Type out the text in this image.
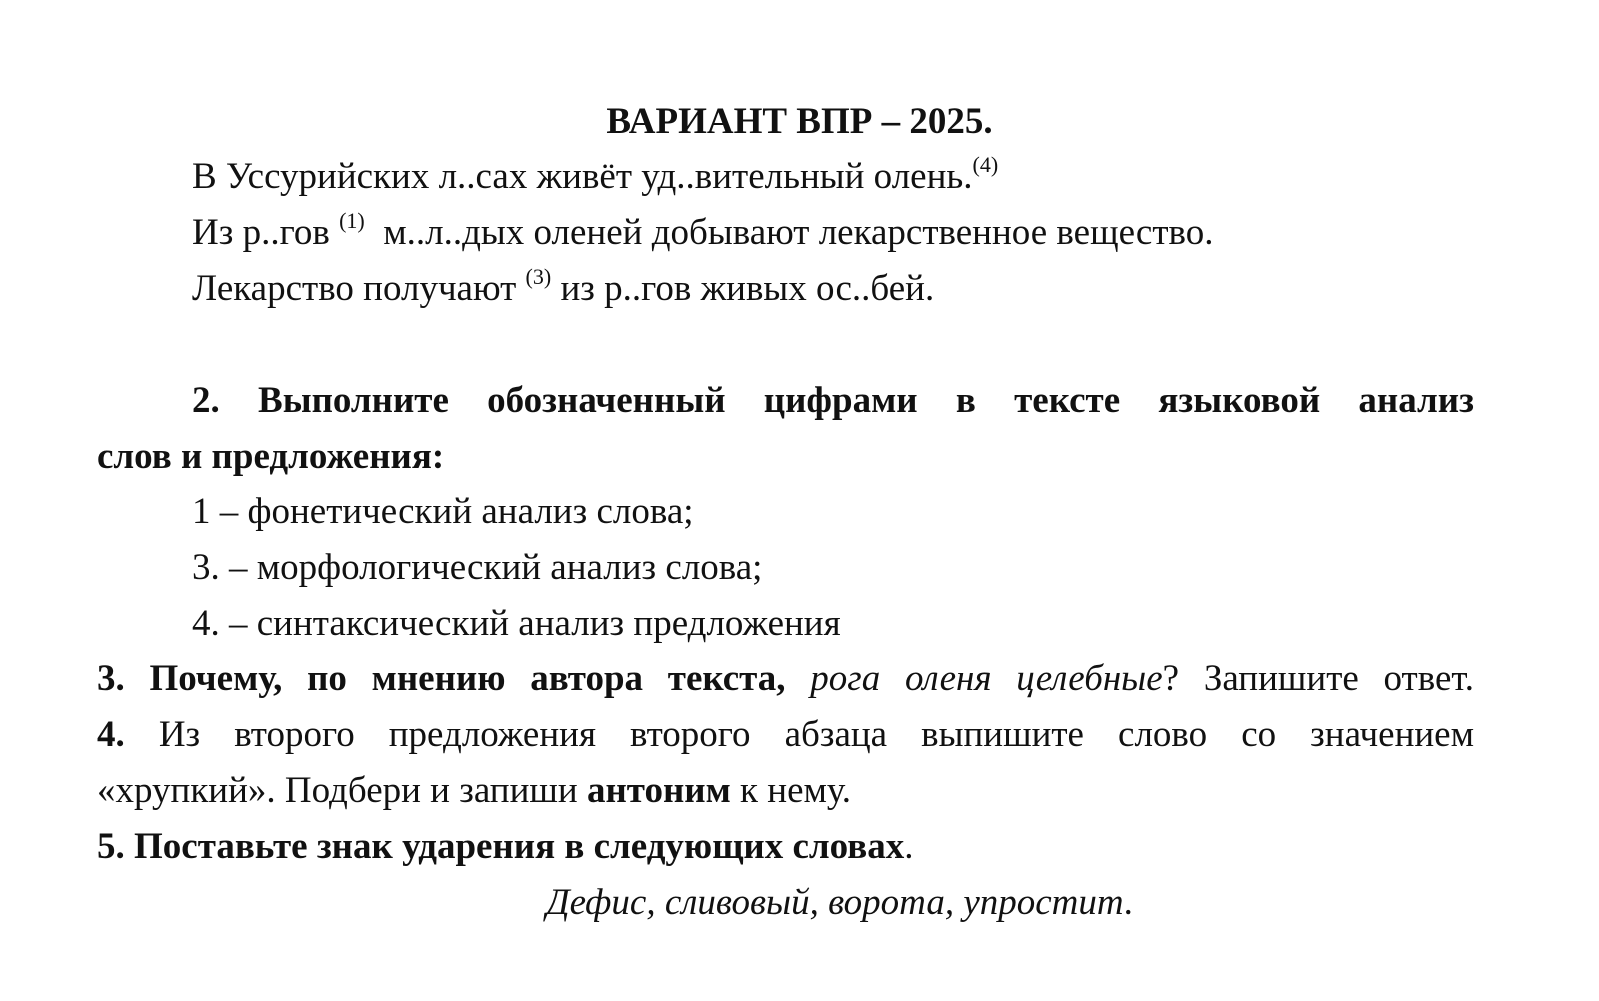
ВАРИАНТ ВПР – 2025.
В Уссурийских л..сах живёт уд..вительный олень.$^{(4)}$
Из р..гов $^{(1)}$ м..л..дых оленей добывают лекарственное вещество.
Лекарство получают $^{(3)}$ из р..гов живых ос..бей.
2. Выполните обозначенный цифрами в тексте языковой анализ
слов и предложения:
1 – фонетический анализ слова;
3. – морфологический анализ слова;
4. – синтаксический анализ предложения
3. Почему, по мнению автора текста, рога оленя целебные? Запишите ответ.
4. Из второго предложения второго абзаца выпишите слово со значением
«хрупкий». Подбери и запиши антоним к нему.
5. Поставьте знак ударения в следующих словах.
Дефис, сливовый, ворота, упростит.
